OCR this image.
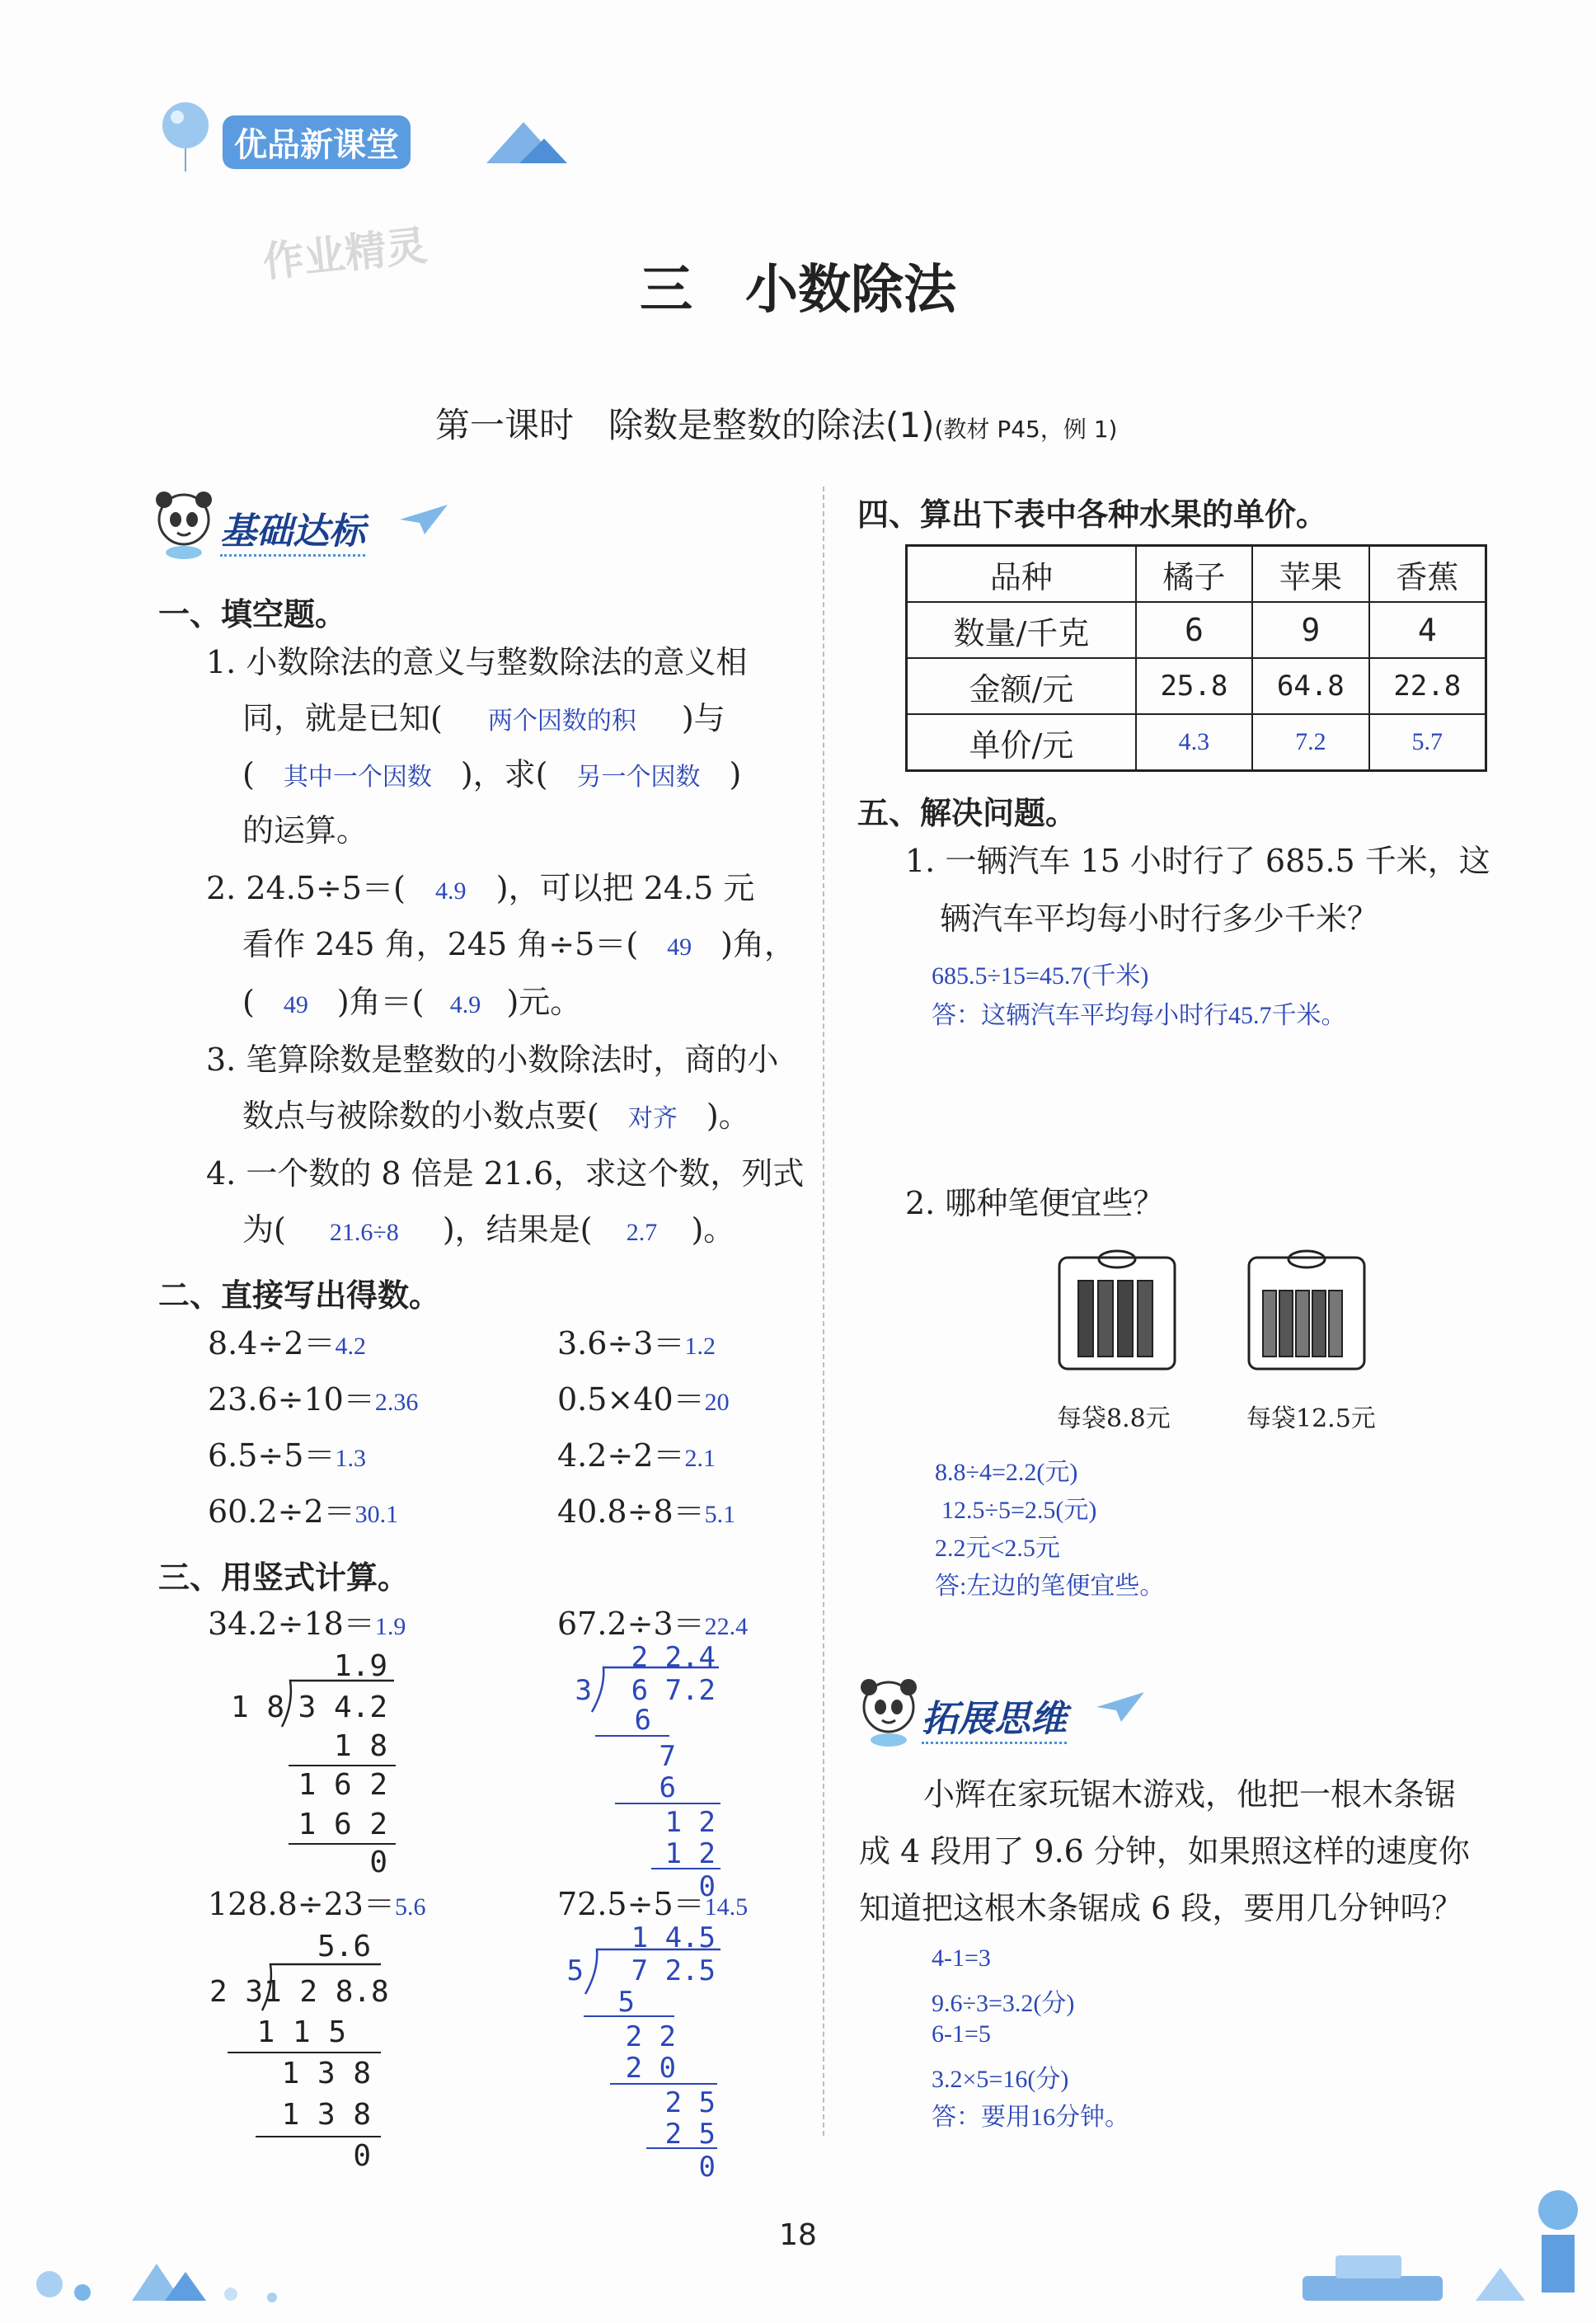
优品新课堂
作业精灵
三　小数除法
第一课时　除数是整数的除法(1)(教材 P45，例 1)
基础达标
一、填空题。
1. 小数除法的意义与整数除法的意义相
同，就是已知( 两个因数的积 )与
( 其中一个因数 )，求( 另一个因数 )
的运算。
2. 24.5÷5＝( 4.9 )，可以把 24.5 元
看作 245 角，245 角÷5＝( 49 )角，
( 49 )角＝( 4.9 )元。
3. 笔算除数是整数的小数除法时，商的小
数点与被除数的小数点要( 对齐 )。
4. 一个数的 8 倍是 21.6，求这个数，列式
为( 21.6÷8 )，结果是( 2.7 )。
二、直接写出得数。
8.4÷2＝4.2	3.6÷3＝1.2
23.6÷10＝2.36	0.5×40＝20
6.5÷5＝1.3	4.2÷2＝2.1
60.2÷2＝30.1	40.8÷8＝5.1
三、用竖式计算。
34.2÷18＝1.9
1.9
1 8 3 4.2
1 8
1 6 2
1 6 2
0
67.2÷3＝22.4
2 2.4
3	6 7.2
6
7
6
1 2
1 2
0
128.8÷23＝5.6
5.6
2 3 1 2 8.8
1 1 5
1 3 8
1 3 8
0
72.5÷5＝14.5
1 4.5
5	7 2.5
5
2 2
2 0
2 5
2 5
0
四、算出下表中各种水果的单价。
品种	橘子	苹果	香蕉
数量/千克	6	9	4
金额/元	25.8	64.8	22.8
单价/元	4.3	7.2	5.7
五、解决问题。
1. 一辆汽车 15 小时行了 685.5 千米，这
辆汽车平均每小时行多少千米？
685.5÷15=45.7(千米)
答：这辆汽车平均每小时行45.7千米。
2. 哪种笔便宜些？
每袋8.8元	每袋12.5元
8.8÷4=2.2(元)
12.5÷5=2.5(元)
2.2元<2.5元
答:左边的笔便宜些。
拓展思维
小辉在家玩锯木游戏，他把一根木条锯
成 4 段用了 9.6 分钟，如果照这样的速度你
知道把这根木条锯成 6 段，要用几分钟吗？
4-1=3
9.6÷3=3.2(分)
6-1=5
3.2×5=16(分)
答：要用16分钟。
18
